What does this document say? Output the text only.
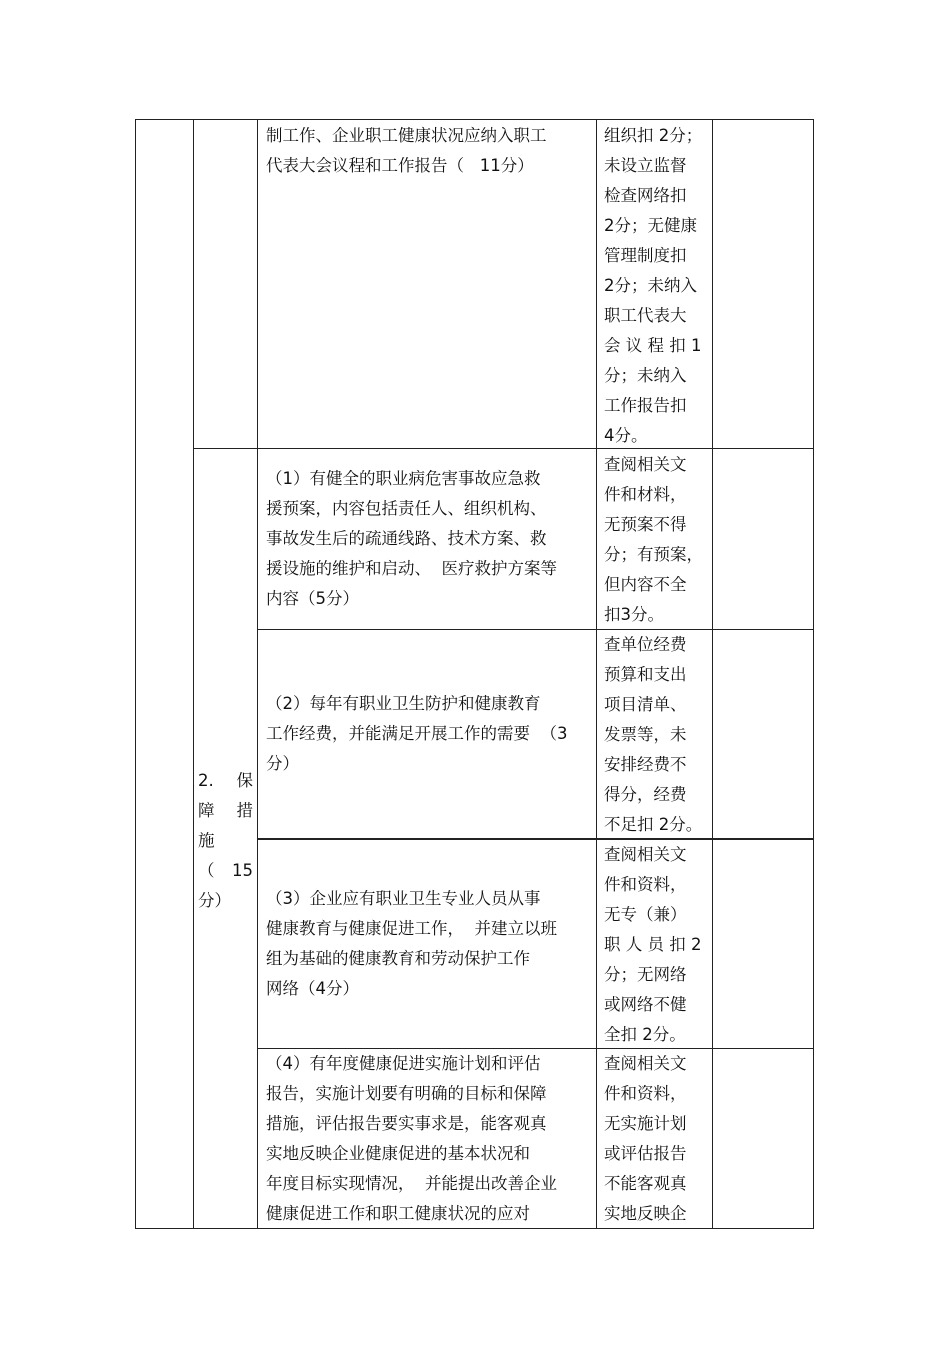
2. 保

障 措

施

（ 15

分）

制工作、企业职工健康状况应纳入职工

代表大会议程和工作报告（   11分）

组织扣 2分；

未设立监督

检查网络扣

2分；无健康

管理制度扣

2分；未纳入

职工代表大

会 议 程 扣 1

分；未纳入

工作报告扣

4分。

（1）有健全的职业病危害事故应急救

援预案，内容包括责任人、组织机构、

事故发生后的疏通线路、技术方案、救

援设施的维护和启动、  医疗救护方案等

内容（5分）

查阅相关文

件和材料，

无预案不得

分；有预案，

但内容不全

扣3分。

（2）每年有职业卫生防护和健康教育

工作经费，并能满足开展工作的需要  （3

分）

查单位经费

预算和支出

项目清单、

发票等，未

安排经费不

得分，经费

不足扣 2分。

（3）企业应有职业卫生专业人员从事

健康教育与健康促进工作，  并建立以班

组为基础的健康教育和劳动保护工作

网络（4分）

查阅相关文

件和资料，

无专（兼）

职 人 员 扣 2

分；无网络

或网络不健

全扣 2分。

（4）有年度健康促进实施计划和评估

报告，实施计划要有明确的目标和保障

措施，评估报告要实事求是，能客观真

实地反映企业健康促进的基本状况和

年度目标实现情况，  并能提出改善企业

健康促进工作和职工健康状况的应对

查阅相关文

件和资料，

无实施计划

或评估报告

不能客观真

实地反映企
